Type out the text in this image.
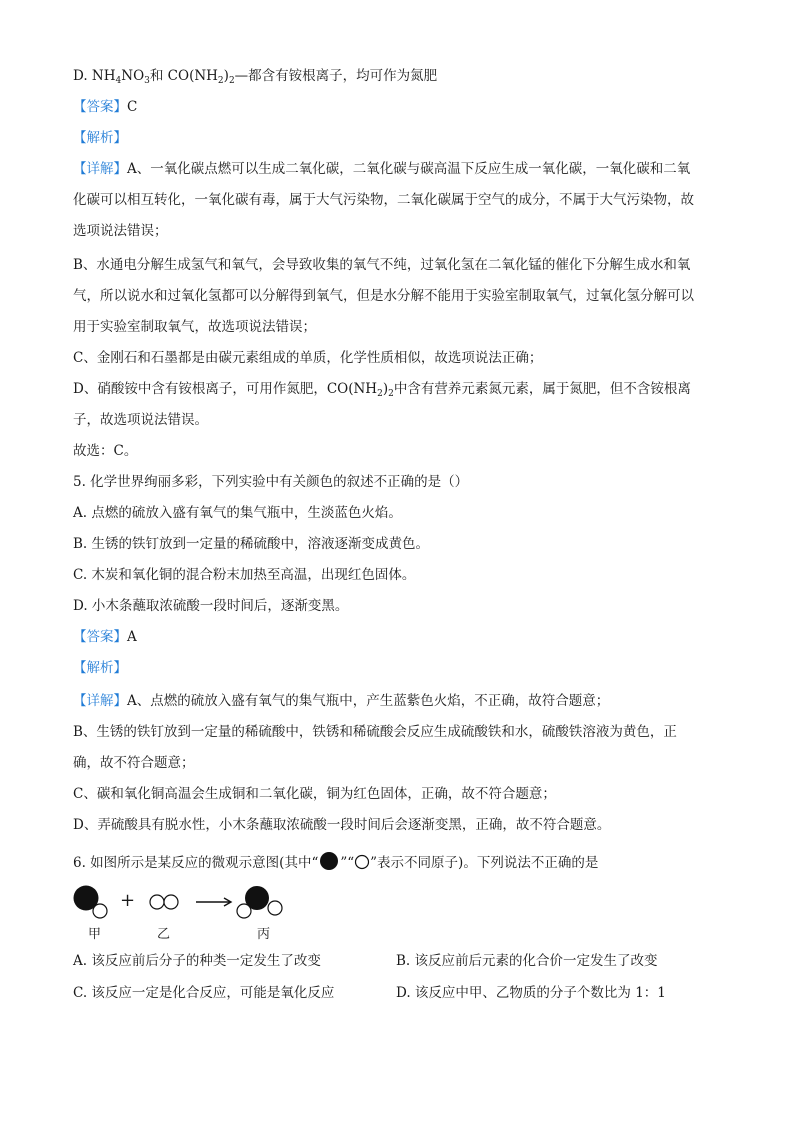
D. $NH_4NO_3$和 $CO(NH_2)_2—$都含有铵根离子，均可作为氮肥
【答案】C
【解析】
【详解】A、一氧化碳点燃可以生成二氧化碳，二氧化碳与碳高温下反应生成一氧化碳，一氧化碳和二氧
化碳可以相互转化，一氧化碳有毒，属于大气污染物，二氧化碳属于空气的成分，不属于大气污染物，故
选项说法错误；
B、水通电分解生成氢气和氧气，会导致收集的氧气不纯，过氧化氢在二氧化锰的催化下分解生成水和氧
气，所以说水和过氧化氢都可以分解得到氧气，但是水分解不能用于实验室制取氧气，过氧化氢分解可以
用于实验室制取氧气，故选项说法错误；
C、金刚石和石墨都是由碳元素组成的单质，化学性质相似，故选项说法正确；
D、硝酸铵中含有铵根离子，可用作氮肥，$CO(NH_2)_2$中含有营养元素氮元素，属于氮肥，但不含铵根离
子，故选项说法错误。
故选：C。
5. 化学世界绚丽多彩，下列实验中有关颜色的叙述不正确的是（）
A. 点燃的硫放入盛有氧气的集气瓶中，生淡蓝色火焰。
B. 生锈的铁钉放到一定量的稀硫酸中，溶液逐渐变成黄色。
C. 木炭和氧化铜的混合粉末加热至高温，出现红色固体。
D. 小木条蘸取浓硫酸一段时间后，逐渐变黑。
【答案】A
【解析】
【详解】A、点燃的硫放入盛有氧气的集气瓶中，产生蓝紫色火焰，不正确，故符合题意；
B、生锈的铁钉放到一定量的稀硫酸中，铁锈和稀硫酸会反应生成硫酸铁和水，硫酸铁溶液为黄色，正
确，故不符合题意；
C、碳和氧化铜高温会生成铜和二氧化碳，铜为红色固体，正确，故不符合题意；
D、弄硫酸具有脱水性，小木条蘸取浓硫酸一段时间后会逐渐变黑，正确，故不符合题意。
6. 如图所示是某反应的微观示意图(其中“ ”“ ”表示不同原子)。下列说法不正确的是
+
甲	乙	丙
A. 该反应前后分子的种类一定发生了改变	B. 该反应前后元素的化合价一定发生了改变
C. 该反应一定是化合反应，可能是氧化反应	D. 该反应中甲、乙物质的分子个数比为 1：1
